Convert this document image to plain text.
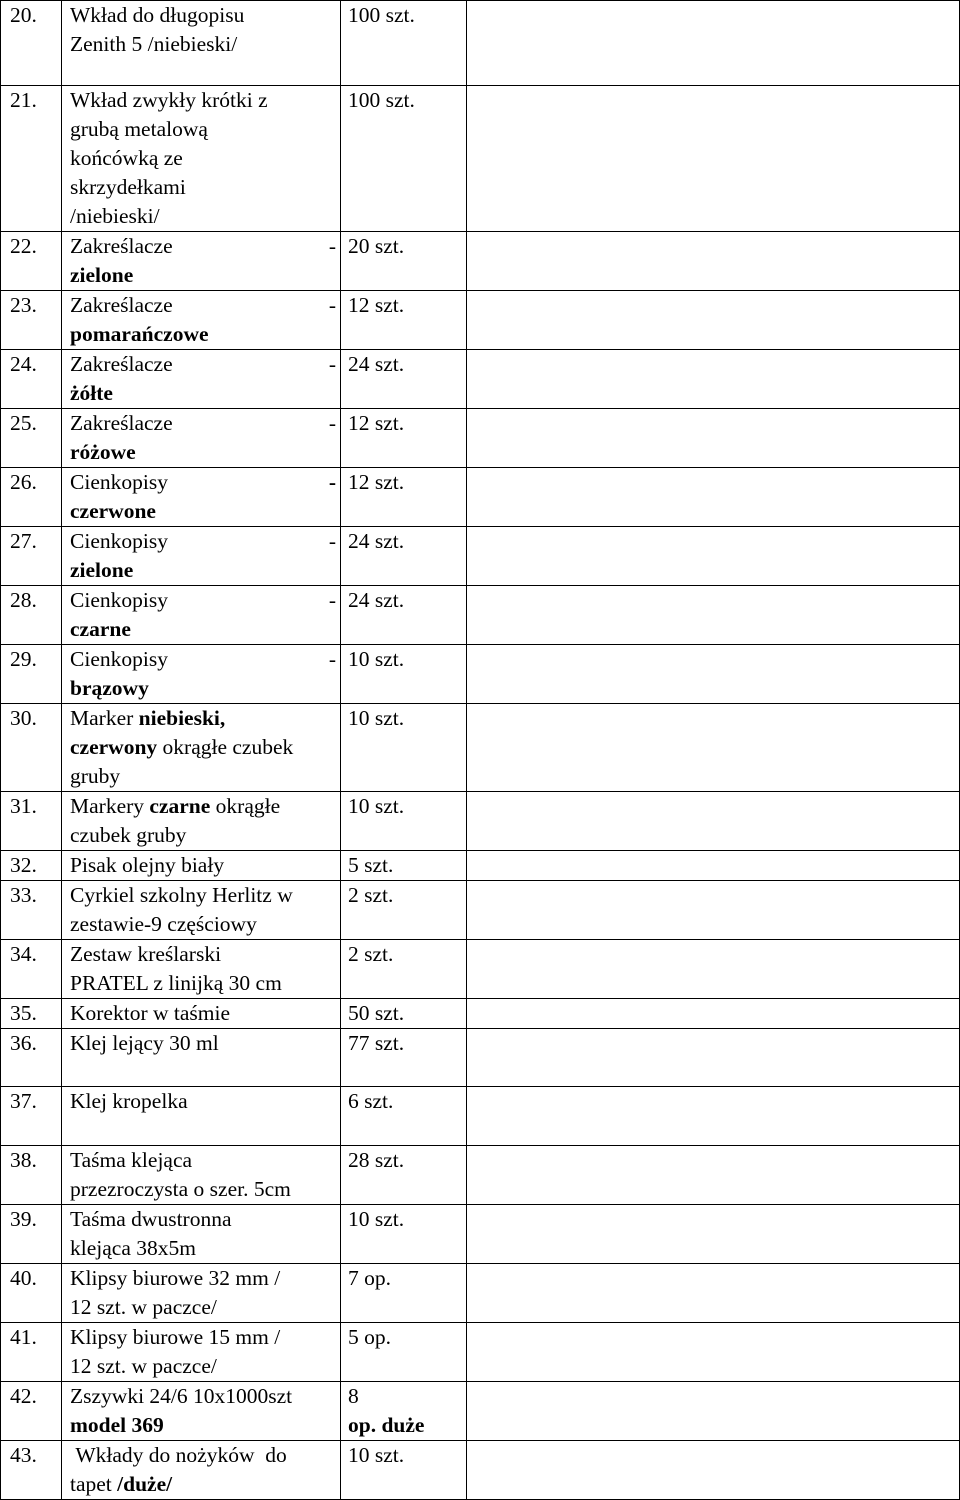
20.	Wkład do długopisu
Zenith 5 /niebieski/	100 szt.	
21.	Wkład zwykły krótki z
grubą metalową
końcówką ze
skrzydełkami
/niebieski/	100 szt.	
22.	Zakreślacze -
zielone	20 szt.	
23.	Zakreślacze -
pomarańczowe	12 szt.	
24.	Zakreślacze -
żółte	24 szt.	
25.	Zakreślacze -
różowe	12 szt.	
26.	Cienkopisy -
czerwone	12 szt.	
27.	Cienkopisy -
zielone	24 szt.	
28.	Cienkopisy -
czarne	24 szt.	
29.	Cienkopisy -
brązowy	10 szt.	
30.	Marker niebieski,
czerwony okrągłe czubek
gruby	10 szt.	
31.	Markery czarne okrągłe
czubek gruby	10 szt.	
32.	Pisak olejny biały	5 szt.	
33.	Cyrkiel szkolny Herlitz w
zestawie-9 częściowy	2 szt.	
34.	Zestaw kreślarski
PRATEL z linijką 30 cm	2 szt.	
35.	Korektor w taśmie	50 szt.	
36.	Klej lejący 30 ml	77 szt.	
37.	Klej kropelka	6 szt.	
38.	Taśma klejąca
przezroczysta o szer. 5cm	28 szt.	
39.	Taśma dwustronna
klejąca 38x5m	10 szt.	
40.	Klipsy biurowe 32 mm /
12 szt. w paczce/	7 op.	
41.	Klipsy biurowe 15 mm /
12 szt. w paczce/	5 op.	
42.	Zszywki 24/6 10x1000szt
model 369	8
op. duże	
43.	Wkłady do nożyków  do
tapet /duże/	10 szt.	
